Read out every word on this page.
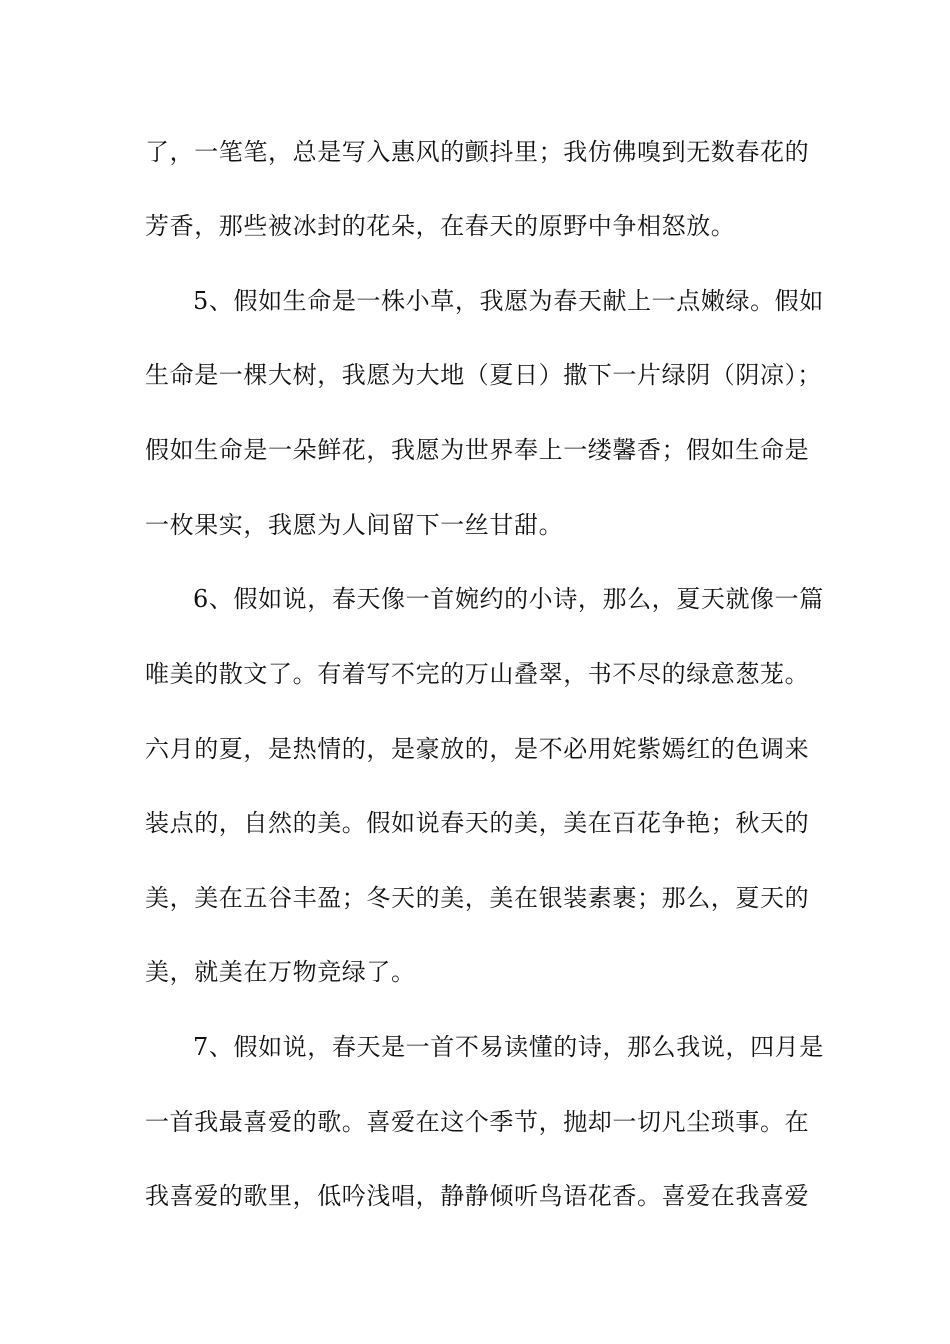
了，一笔笔，总是写入惠风的颤抖里；我仿佛嗅到无数春花的

芳香，那些被冰封的花朵，在春天的原野中争相怒放。

5、假如生命是一株小草，我愿为春天献上一点嫩绿。假如

生命是一棵大树，我愿为大地（夏日）撒下一片绿阴（阴凉）；

假如生命是一朵鲜花，我愿为世界奉上一缕馨香；假如生命是

一枚果实，我愿为人间留下一丝甘甜。

6、假如说，春天像一首婉约的小诗，那么，夏天就像一篇

唯美的散文了。有着写不完的万山叠翠，书不尽的绿意葱茏。

六月的夏，是热情的，是豪放的，是不必用姹紫嫣红的色调来

装点的，自然的美。假如说春天的美，美在百花争艳；秋天的

美，美在五谷丰盈；冬天的美，美在银装素裹；那么，夏天的

美，就美在万物竞绿了。

7、假如说，春天是一首不易读懂的诗，那么我说，四月是

一首我最喜爱的歌。喜爱在这个季节，抛却一切凡尘琐事。在

我喜爱的歌里，低吟浅唱，静静倾听鸟语花香。喜爱在我喜爱
